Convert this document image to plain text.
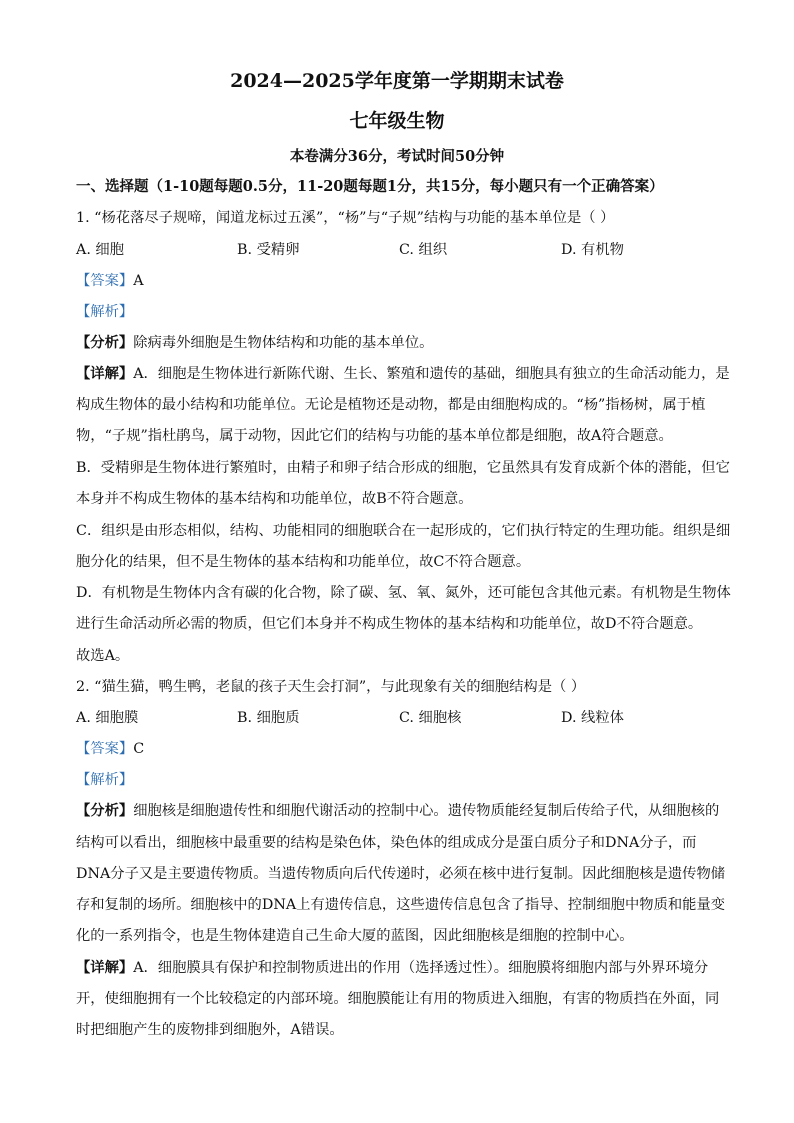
2024—2025学年度第一学期期末试卷
七年级生物
本卷满分36分，考试时间50分钟
一、选择题（1-10题每题0.5分，11-20题每题1分，共15分，每小题只有一个正确答案）
1. “杨花落尽子规啼，闻道龙标过五溪”，“杨”与“子规”结构与功能的基本单位是（ ）
A. 细胞	B. 受精卵	C. 组织	D. 有机物
【答案】A
【解析】
【分析】除病毒外细胞是生物体结构和功能的基本单位。
【详解】A．细胞是生物体进行新陈代谢、生长、繁殖和遗传的基础，细胞具有独立的生命活动能力，是
构成生物体的最小结构和功能单位。无论是植物还是动物，都是由细胞构成的。“杨”指杨树，属于植
物，“子规”指杜鹃鸟，属于动物，因此它们的结构与功能的基本单位都是细胞，故A符合题意。
B．受精卵是生物体进行繁殖时，由精子和卵子结合形成的细胞，它虽然具有发育成新个体的潜能，但它
本身并不构成生物体的基本结构和功能单位，故B不符合题意。
C．组织是由形态相似，结构、功能相同的细胞联合在一起形成的，它们执行特定的生理功能。组织是细
胞分化的结果，但不是生物体的基本结构和功能单位，故C不符合题意。
D．有机物是生物体内含有碳的化合物，除了碳、氢、氧、氮外，还可能包含其他元素。有机物是生物体
进行生命活动所必需的物质，但它们本身并不构成生物体的基本结构和功能单位，故D不符合题意。
故选A。
2. “猫生猫，鸭生鸭，老鼠的孩子天生会打洞”，与此现象有关的细胞结构是（ ）
A. 细胞膜	B. 细胞质	C. 细胞核	D. 线粒体
【答案】C
【解析】
【分析】细胞核是细胞遗传性和细胞代谢活动的控制中心。遗传物质能经复制后传给子代，从细胞核的
结构可以看出，细胞核中最重要的结构是染色体，染色体的组成成分是蛋白质分子和DNA分子，而
DNA分子又是主要遗传物质。当遗传物质向后代传递时，必须在核中进行复制。因此细胞核是遗传物储
存和复制的场所。细胞核中的DNA上有遗传信息，这些遗传信息包含了指导、控制细胞中物质和能量变
化的一系列指令，也是生物体建造自己生命大厦的蓝图，因此细胞核是细胞的控制中心。
【详解】A．细胞膜具有保护和控制物质进出的作用（选择透过性）。细胞膜将细胞内部与外界环境分
开，使细胞拥有一个比较稳定的内部环境。细胞膜能让有用的物质进入细胞，有害的物质挡在外面，同
时把细胞产生的废物排到细胞外，A错误。
